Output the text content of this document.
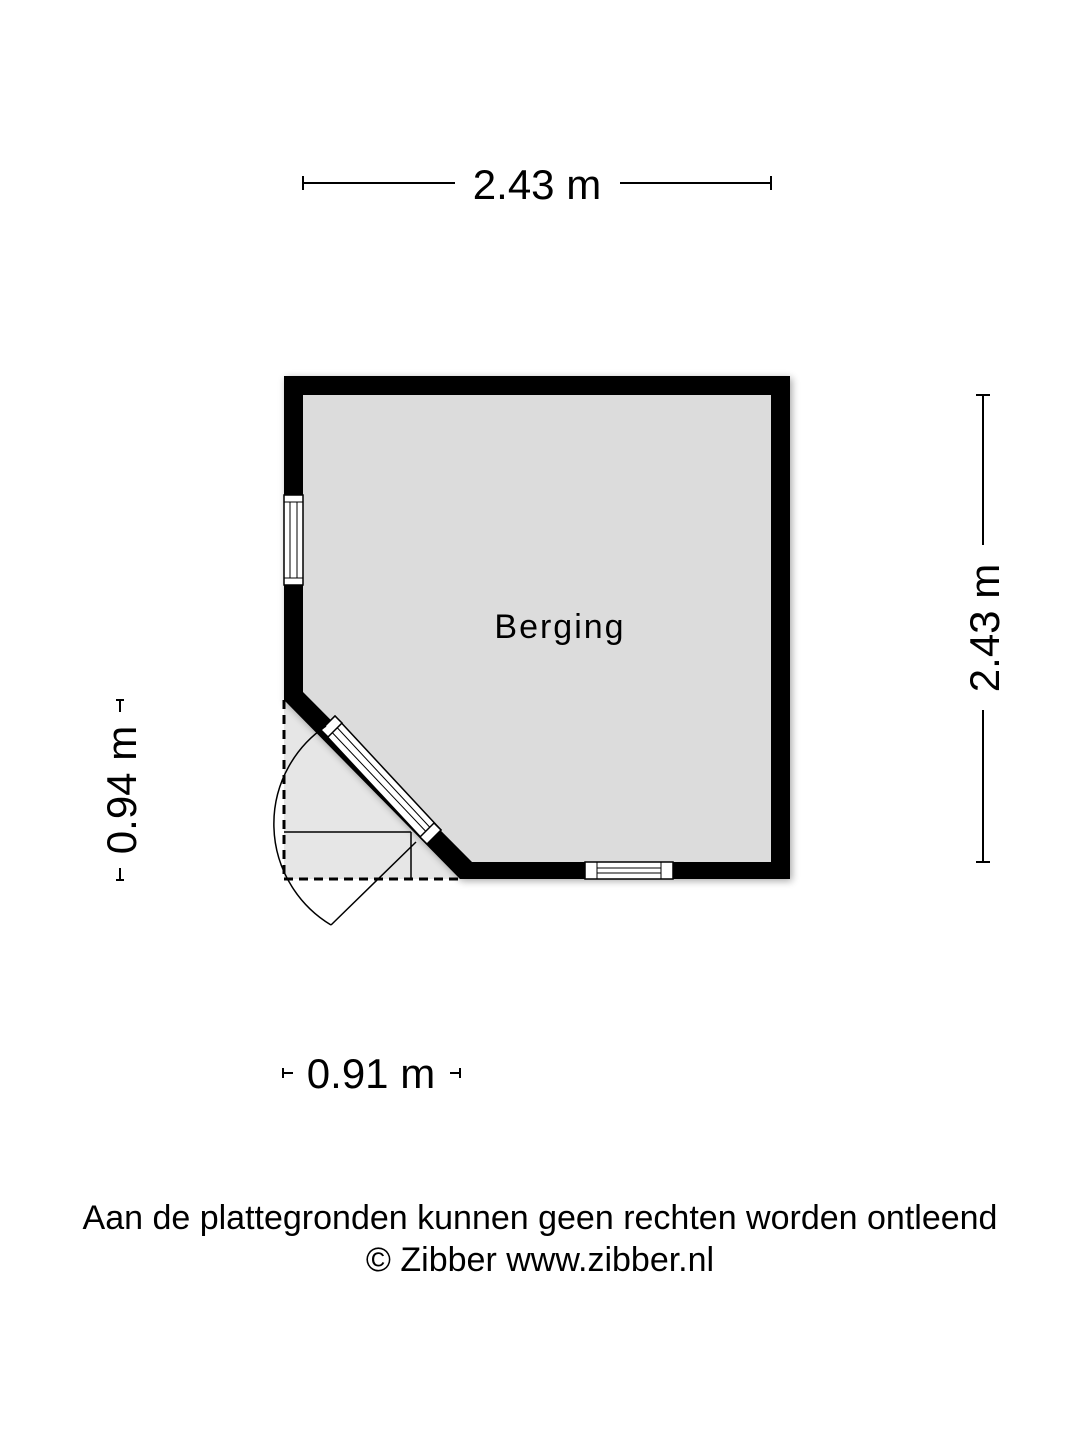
2.43 m
2.43 m
0.94 m
0.91 m
Berging
Aan de plattegronden kunnen geen rechten worden ontleend
© Zibber www.zibber.nl
